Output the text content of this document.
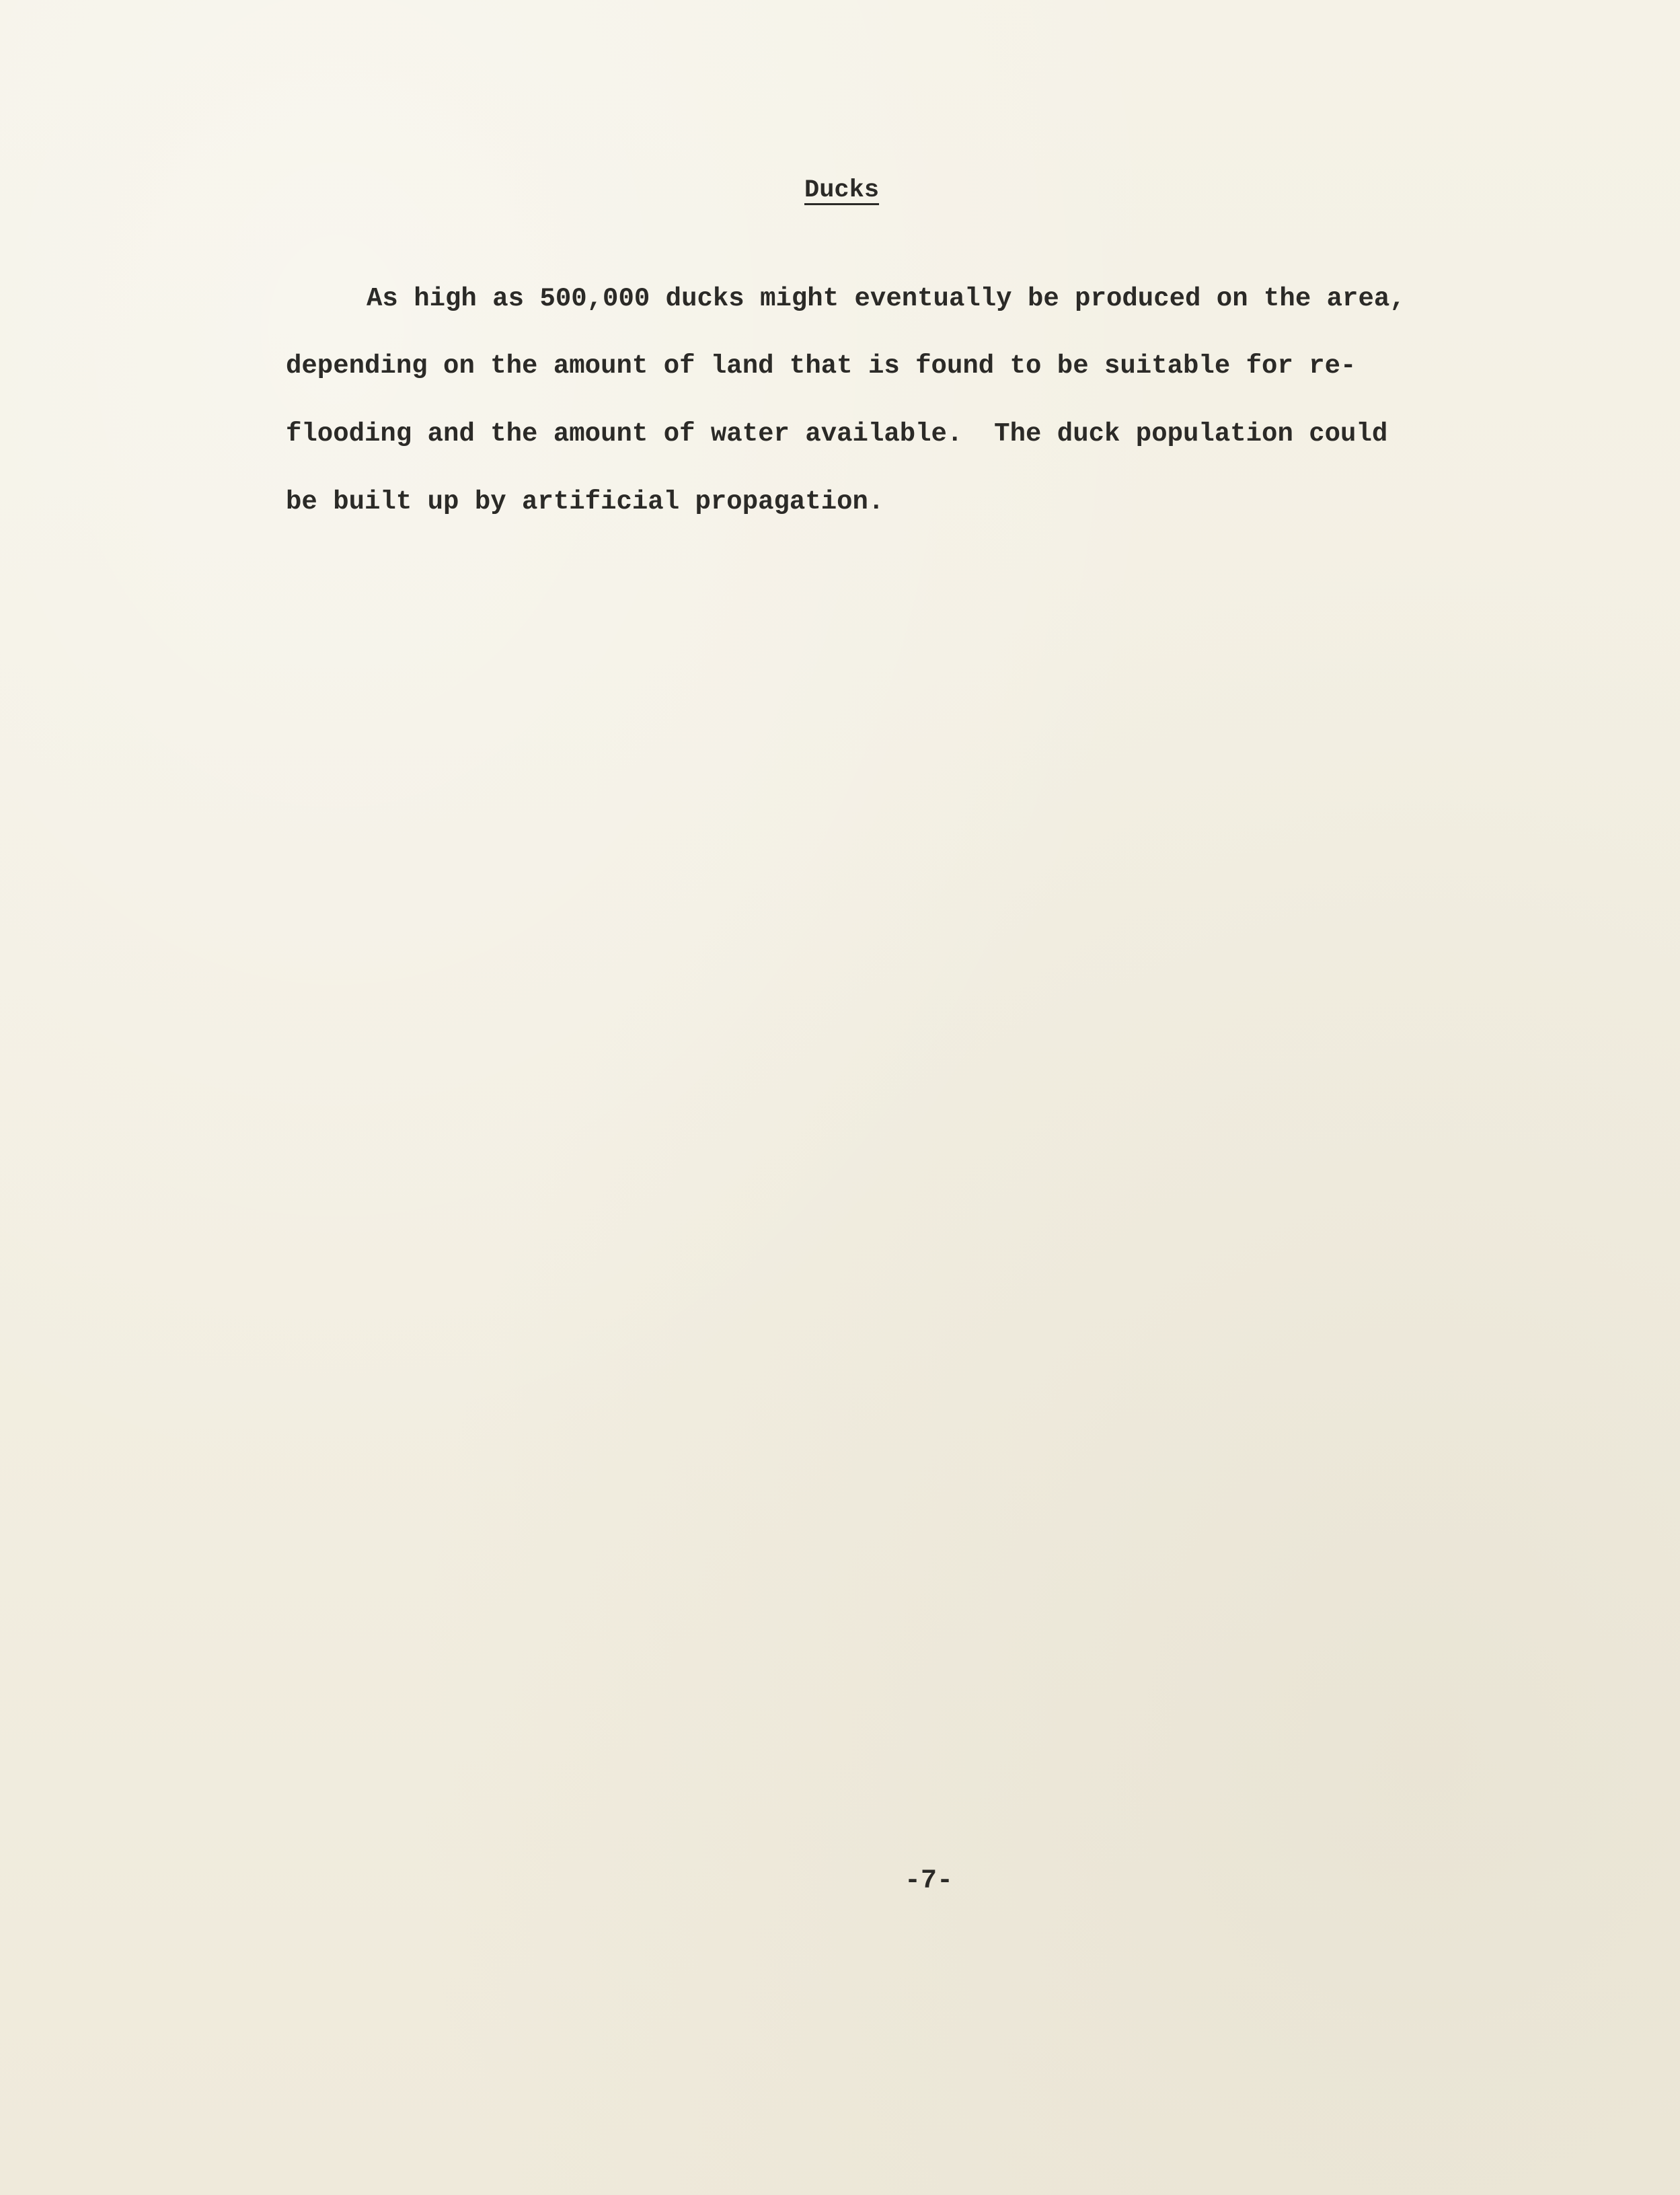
Ducks
As high as 500,000 ducks might eventually be produced on the area,
depending on the amount of land that is found to be suitable for re-
flooding and the amount of water available.  The duck population could
be built up by artificial propagation.
-7-
